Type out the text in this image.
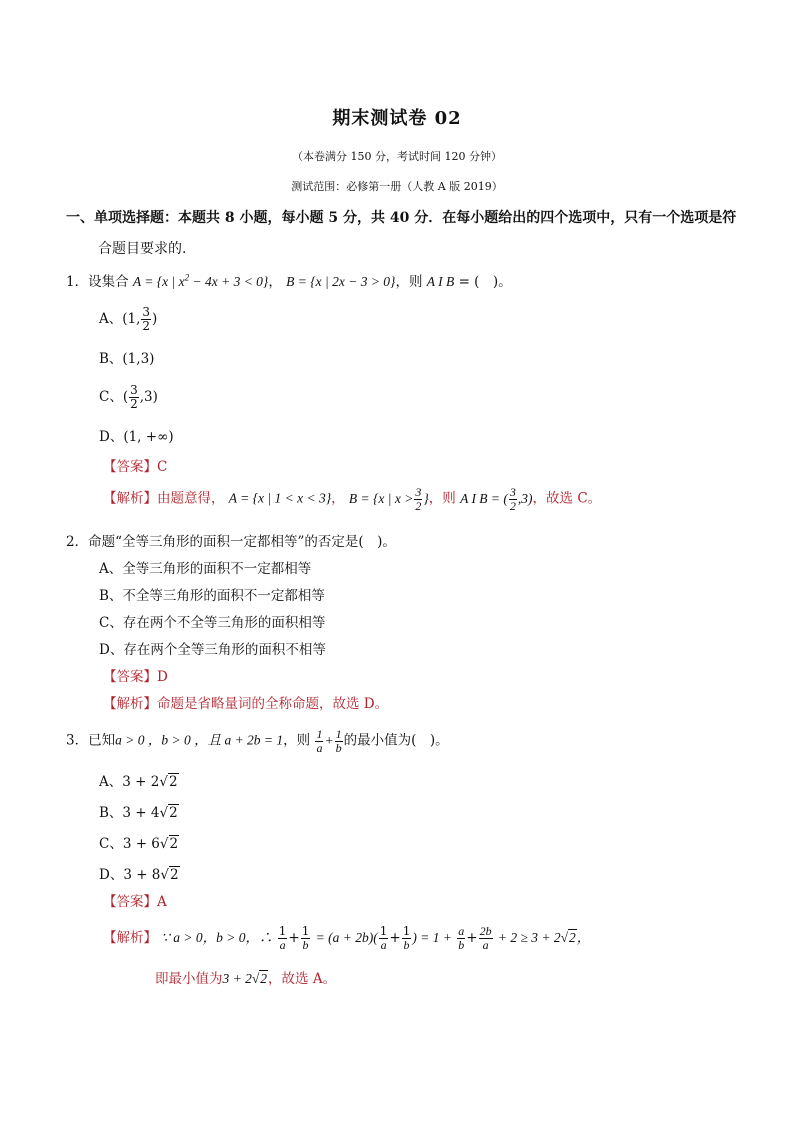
期末测试卷 02
（本卷满分 150 分，考试时间 120 分钟）
测试范围：必修第一册（人教 A 版 2019）
一、单项选择题：本题共 8 小题，每小题 5 分，共 40 分．在每小题给出的四个选项中，只有一个选项是符
合题目要求的.
1．设集合 A = {x | $x^2 - 4x + 3 < 0$}， B = {x | 2x − 3 > 0}，则 A I B = (　)。
A、(1, $\frac{3}{2}$ )
B、(1,3)
C、( $\frac{3}{2} ,3$)
D、(1, +∞)
【答案】C
【解析】由题意得， A = {x | 1 < x < 3}， B = {x | $x > \frac{3}{2}$ }，则 A I B = ( $\frac{3}{2} ,3$)，故选 C。
2．命题“全等三角形的面积一定都相等”的否定是(　)。
A、全等三角形的面积不一定都相等
B、不全等三角形的面积不一定都相等
C、存在两个不全等三角形的面积相等
D、存在两个全等三角形的面积不相等
【答案】D
【解析】命题是省略量词的全称命题，故选 D。
3．已知a > 0 ，b > 0 ，且 a + 2b = 1，则 $\frac{1}{a} + \frac{1}{b}$ 的最小值为(　)。
A、3 + 2√2
B、3 + 4√2
C、3 + 6√2
D、3 + 8√2
【答案】A
【解析】 ∵ a > 0，b > 0，∴ $\frac{1}{a} + \frac{1}{b} = (a + 2b)( \frac{1}{a} + \frac{1}{b}$ ) = $1 + \frac{a}{b} + \frac{2b}{a} + 2 \ge 3 + 2√2$，
即最小值为3 + 2√2，故选 A。
